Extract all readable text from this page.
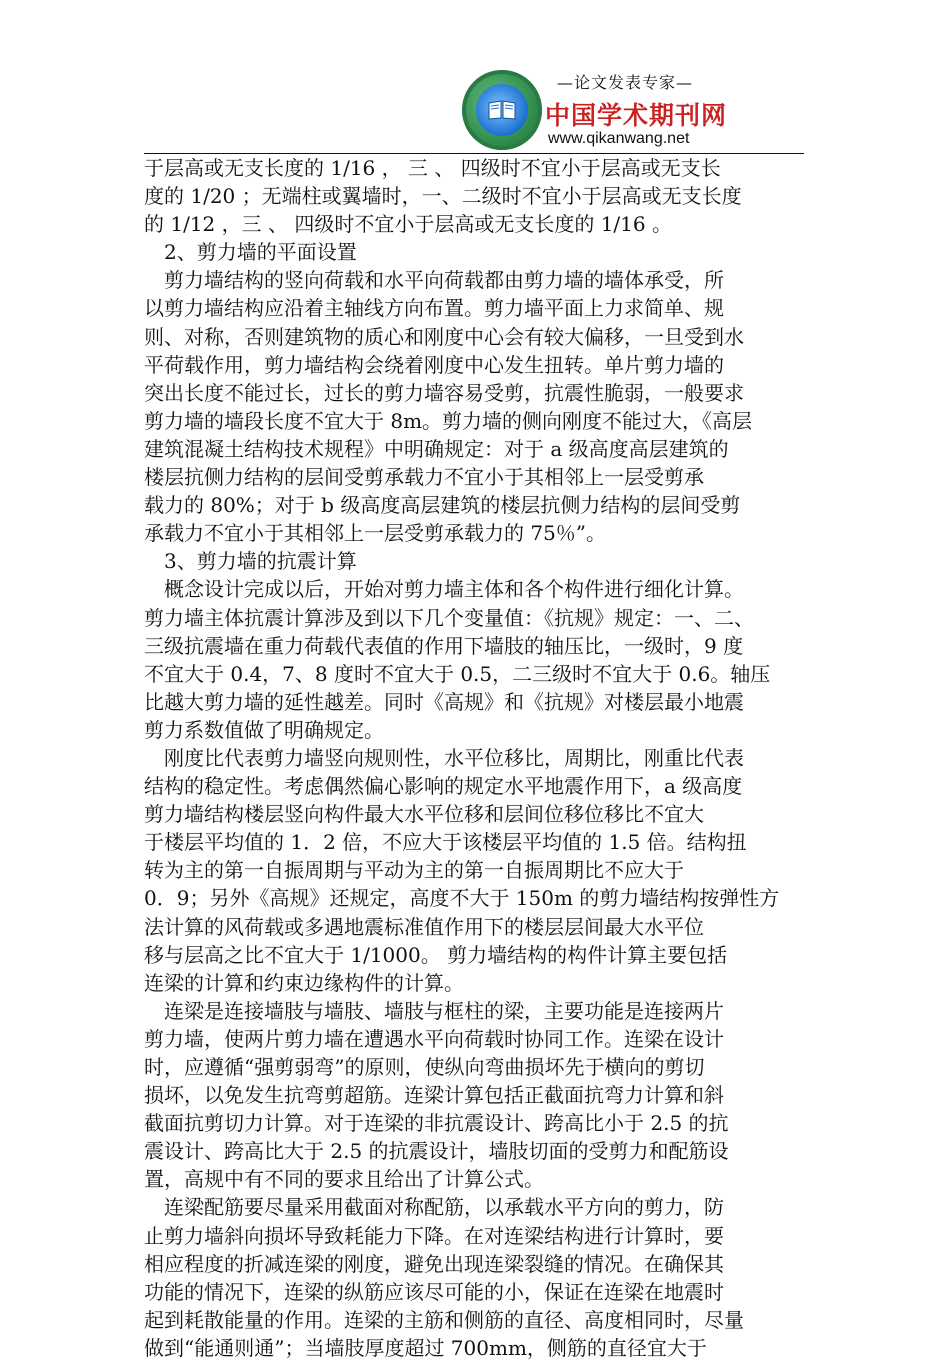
—论文发表专家—
中国学术期刊网
www.qikanwang.net
于层高或无支长度的 1/16 ， 三 、 四级时不宜小于层高或无支长
度的 1/20 ；无端柱或翼墙时，一、二级时不宜小于层高或无支长度
的 1/12 ，三 、 四级时不宜小于层高或无支长度的 1/16 。
　2、剪力墙的平面设置
　剪力墙结构的竖向荷载和水平向荷载都由剪力墙的墙体承受，所
以剪力墙结构应沿着主轴线方向布置。剪力墙平面上力求简单、规
则、对称，否则建筑物的质心和刚度中心会有较大偏移，一旦受到水
平荷载作用，剪力墙结构会绕着刚度中心发生扭转。单片剪力墙的
突出长度不能过长，过长的剪力墙容易受剪，抗震性脆弱，一般要求
剪力墙的墙段长度不宜大于 8m。剪力墙的侧向刚度不能过大，《高层
建筑混凝土结构技术规程》中明确规定：对于 a 级高度高层建筑的
楼层抗侧力结构的层间受剪承载力不宜小于其相邻上一层受剪承
载力的 80%；对于 b 级高度高层建筑的楼层抗侧力结构的层间受剪
承载力不宜小于其相邻上一层受剪承载力的 75％”。
　3、剪力墙的抗震计算
　概念设计完成以后，开始对剪力墙主体和各个构件进行细化计算。
剪力墙主体抗震计算涉及到以下几个变量值：《抗规》规定：一、二、
三级抗震墙在重力荷载代表值的作用下墙肢的轴压比，一级时，9 度
不宜大于 0.4，7、8 度时不宜大于 0.5，二三级时不宜大于 0.6。轴压
比越大剪力墙的延性越差。同时《高规》和《抗规》对楼层最小地震
剪力系数值做了明确规定。
　刚度比代表剪力墙竖向规则性，水平位移比，周期比，刚重比代表
结构的稳定性。考虑偶然偏心影响的规定水平地震作用下，a 级高度
剪力墙结构楼层竖向构件最大水平位移和层间位移位移比不宜大
于楼层平均值的 1．2 倍，不应大于该楼层平均值的 1.5 倍。结构扭
转为主的第一自振周期与平动为主的第一自振周期比不应大于
0．9；另外《高规》还规定，高度不大于 150m 的剪力墙结构按弹性方
法计算的风荷载或多遇地震标准值作用下的楼层层间最大水平位
移与层高之比不宜大于 1/1000。 剪力墙结构的构件计算主要包括
连梁的计算和约束边缘构件的计算。
　连梁是连接墙肢与墙肢、墙肢与框柱的梁，主要功能是连接两片
剪力墙，使两片剪力墙在遭遇水平向荷载时协同工作。连梁在设计
时，应遵循“强剪弱弯”的原则，使纵向弯曲损坏先于横向的剪切
损坏，以免发生抗弯剪超筋。连梁计算包括正截面抗弯力计算和斜
截面抗剪切力计算。对于连梁的非抗震设计、跨高比小于 2.5 的抗
震设计、跨高比大于 2.5 的抗震设计，墙肢切面的受剪力和配筋设
置，高规中有不同的要求且给出了计算公式。
　连梁配筋要尽量采用截面对称配筋，以承载水平方向的剪力，防
止剪力墙斜向损坏导致耗能力下降。在对连梁结构进行计算时，要
相应程度的折减连梁的刚度，避免出现连梁裂缝的情况。在确保其
功能的情况下，连梁的纵筋应该尽可能的小，保证在连梁在地震时
起到耗散能量的作用。连梁的主筋和侧筋的直径、高度相同时，尽量
做到“能通则通”；当墙肢厚度超过 700mm，侧筋的直径宜大于
